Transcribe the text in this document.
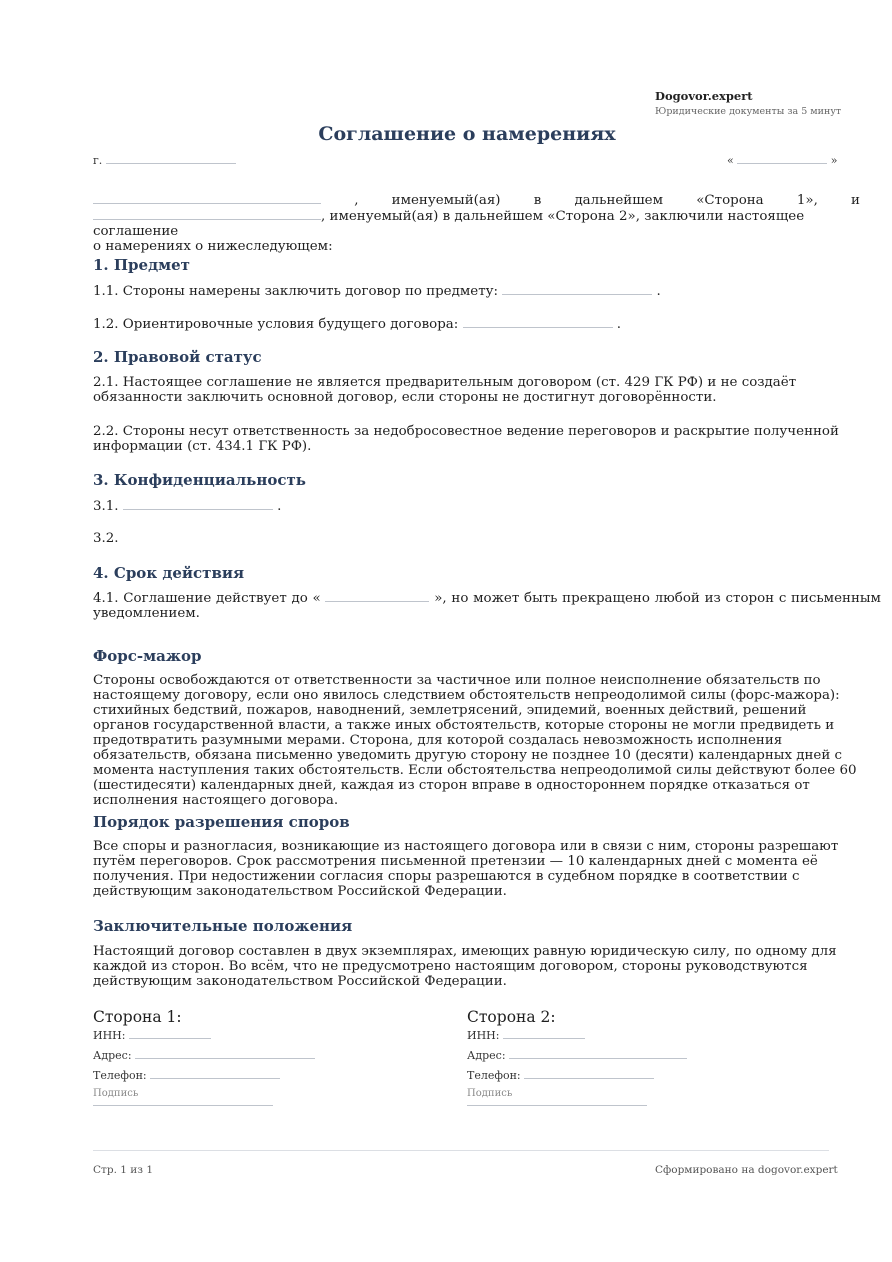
Dogovor.expert
Юридические документы за 5 минут
Соглашение о намерениях
г.	«	»
, именуемый(ая) в дальнейшем «Сторона 1», и
, именуемый(ая) в дальнейшем «Сторона 2», заключили настоящее соглашение
о намерениях о нижеследующем:
1. Предмет
1.1. Стороны намерены заключить договор по предмету:	.
1.2. Ориентировочные условия будущего договора:	.
2. Правовой статус
2.1. Настоящее соглашение не является предварительным договором (ст. 429 ГК РФ) и не создаёт обязанности заключить основной договор, если стороны не достигнут договорённости.
2.2. Стороны несут ответственность за недобросовестное ведение переговоров и раскрытие полученной информации (ст. 434.1 ГК РФ).
3. Конфиденциальность
3.1.	.
3.2.
4. Срок действия
4.1. Соглашение действует до «	», но может быть прекращено любой из сторон с письменным
уведомлением.
Форс-мажор
Стороны освобождаются от ответственности за частичное или полное неисполнение обязательств по настоящему договору, если оно явилось следствием обстоятельств непреодолимой силы (форс-мажора): стихийных бедствий, пожаров, наводнений, землетрясений, эпидемий, военных действий, решений органов государственной власти, а также иных обстоятельств, которые стороны не могли предвидеть и предотвратить разумными мерами. Сторона, для которой создалась невозможность исполнения обязательств, обязана письменно уведомить другую сторону не позднее 10 (десяти) календарных дней с момента наступления таких обстоятельств. Если обстоятельства непреодолимой силы действуют более 60 (шестидесяти) календарных дней, каждая из сторон вправе в одностороннем порядке отказаться от исполнения настоящего договора.
Порядок разрешения споров
Все споры и разногласия, возникающие из настоящего договора или в связи с ним, стороны разрешают путём переговоров. Срок рассмотрения письменной претензии — 10 календарных дней с момента её получения. При недостижении согласия споры разрешаются в судебном порядке в соответствии с действующим законодательством Российской Федерации.
Заключительные положения
Настоящий договор составлен в двух экземплярах, имеющих равную юридическую силу, по одному для каждой из сторон. Во всём, что не предусмотрено настоящим договором, стороны руководствуются действующим законодательством Российской Федерации.
Сторона 1:
ИНН:
Адрес:
Телефон:
Подпись
Сторона 2:
ИНН:
Адрес:
Телефон:
Подпись
Стр. 1 из 1	Сформировано на dogovor.expert
